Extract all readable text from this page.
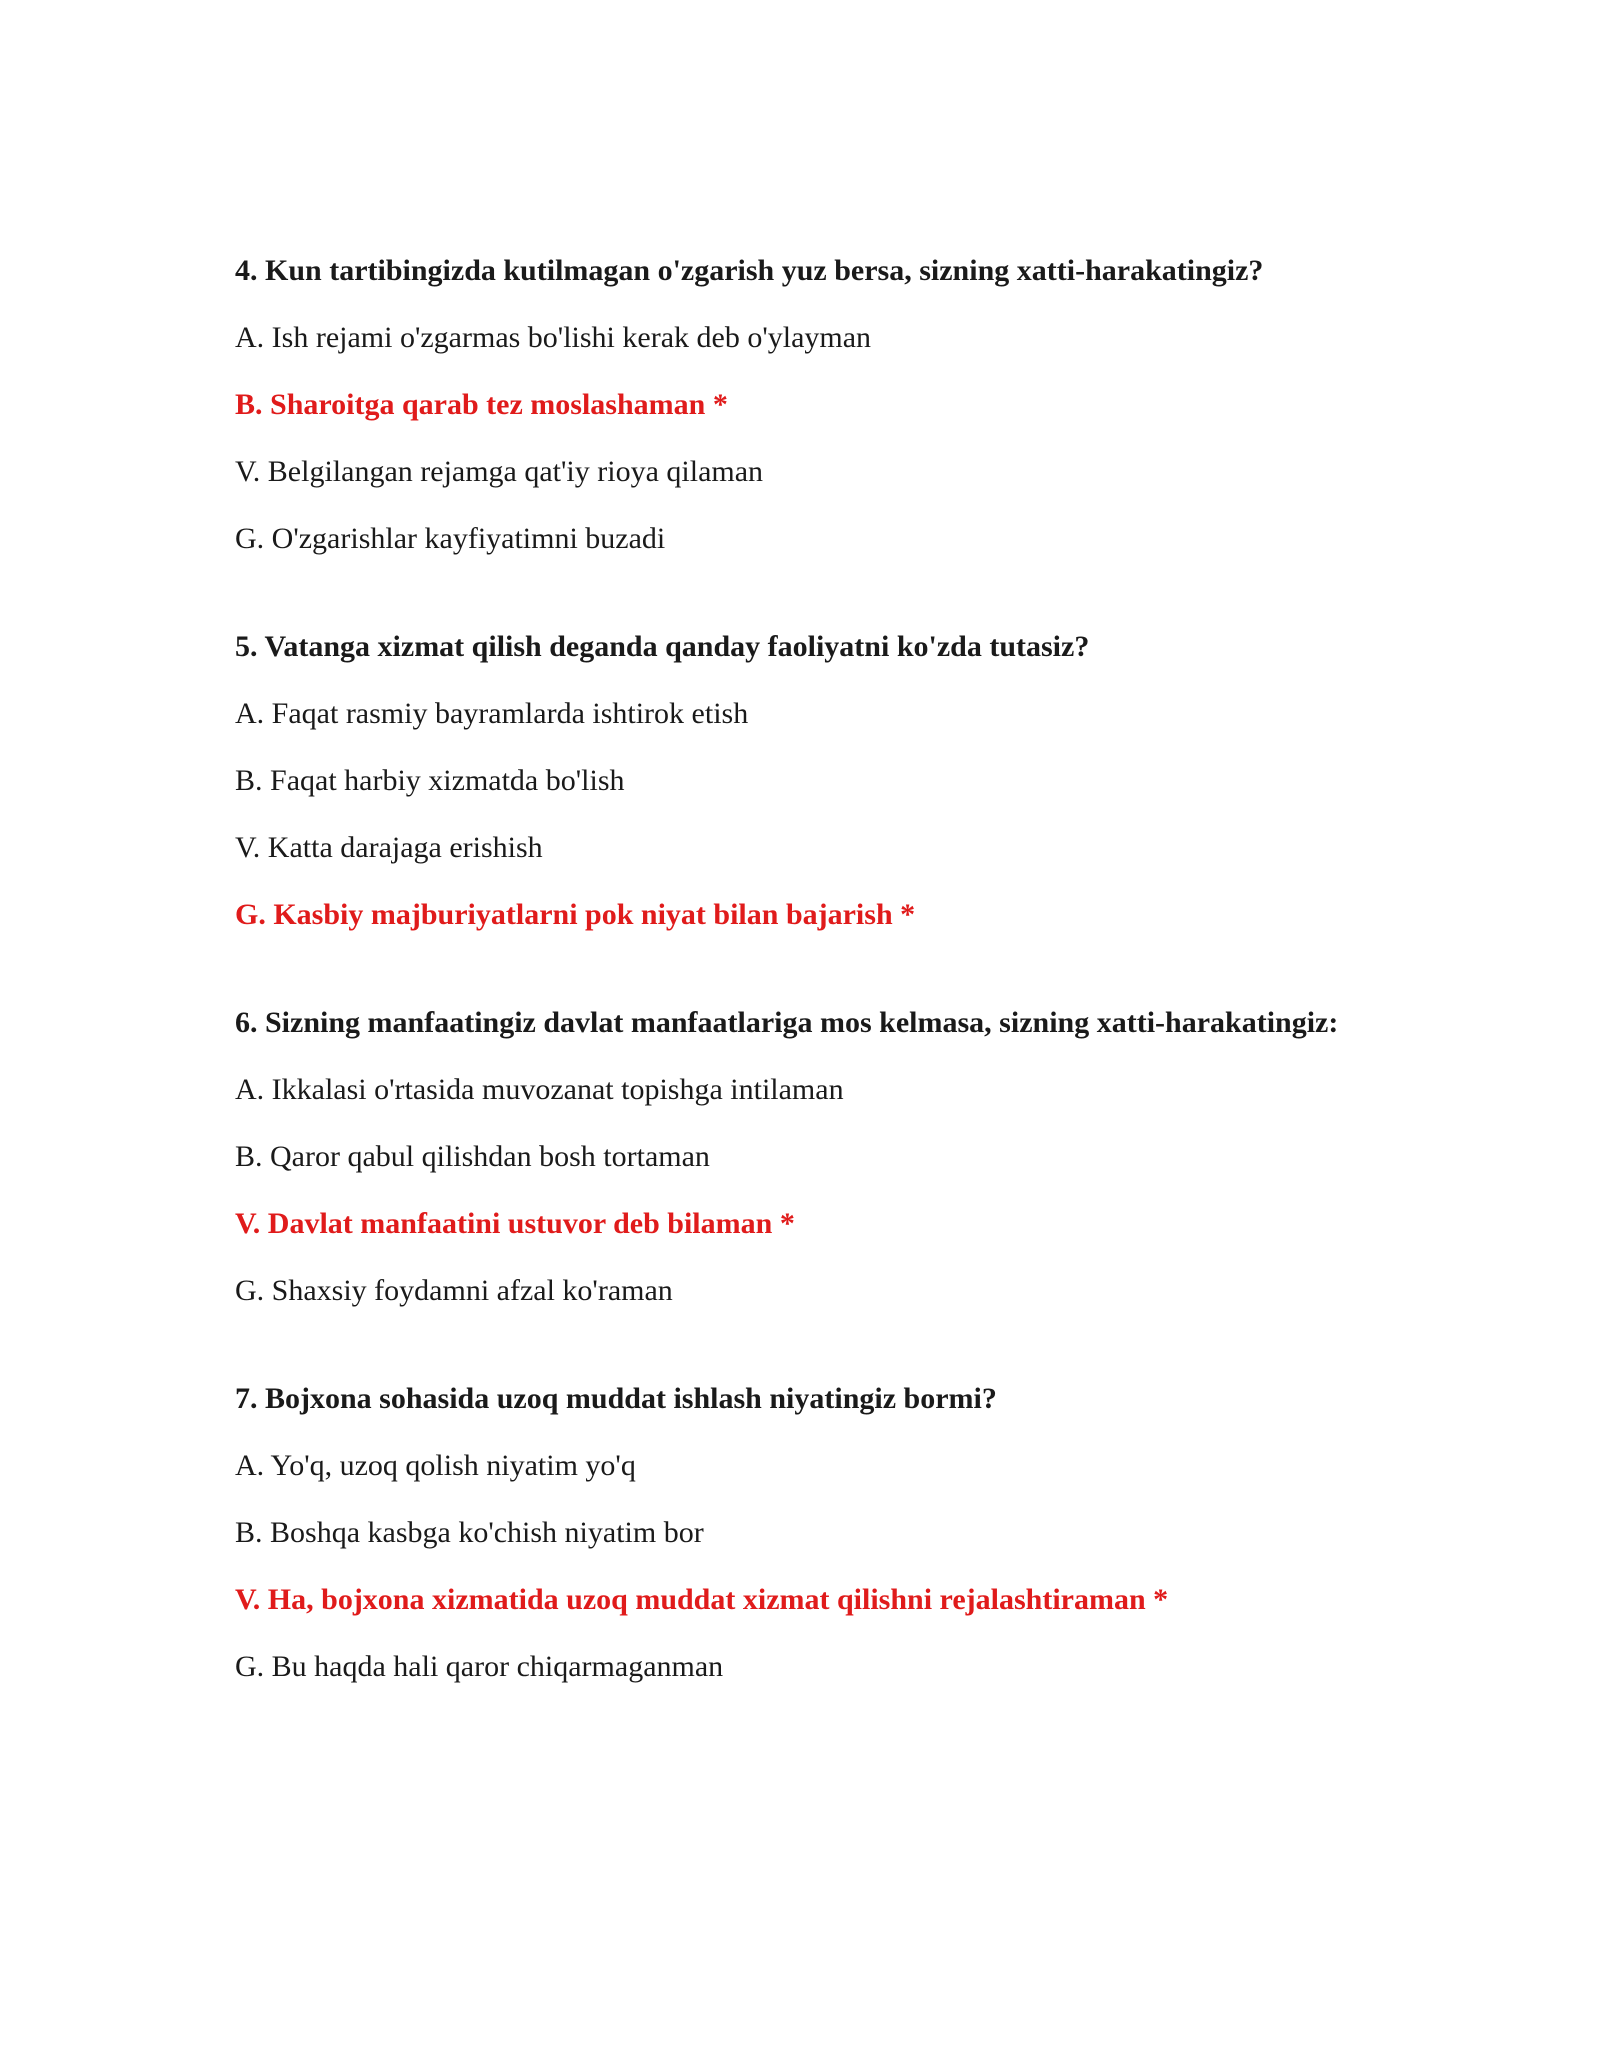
4. Kun tartibingizda kutilmagan o'zgarish yuz bersa, sizning xatti-harakatingiz?
A. Ish rejami o'zgarmas bo'lishi kerak deb o'ylayman
B. Sharoitga qarab tez moslashaman *
V. Belgilangan rejamga qat'iy rioya qilaman
G. O'zgarishlar kayfiyatimni buzadi
5. Vatanga xizmat qilish deganda qanday faoliyatni ko'zda tutasiz?
A. Faqat rasmiy bayramlarda ishtirok etish
B. Faqat harbiy xizmatda bo'lish
V. Katta darajaga erishish
G. Kasbiy majburiyatlarni pok niyat bilan bajarish *
6. Sizning manfaatingiz davlat manfaatlariga mos kelmasa, sizning xatti-harakatingiz:
A. Ikkalasi o'rtasida muvozanat topishga intilaman
B. Qaror qabul qilishdan bosh tortaman
V. Davlat manfaatini ustuvor deb bilaman *
G. Shaxsiy foydamni afzal ko'raman
7. Bojxona sohasida uzoq muddat ishlash niyatingiz bormi?
A. Yo'q, uzoq qolish niyatim yo'q
B. Boshqa kasbga ko'chish niyatim bor
V. Ha, bojxona xizmatida uzoq muddat xizmat qilishni rejalashtiraman *
G. Bu haqda hali qaror chiqarmaganman
